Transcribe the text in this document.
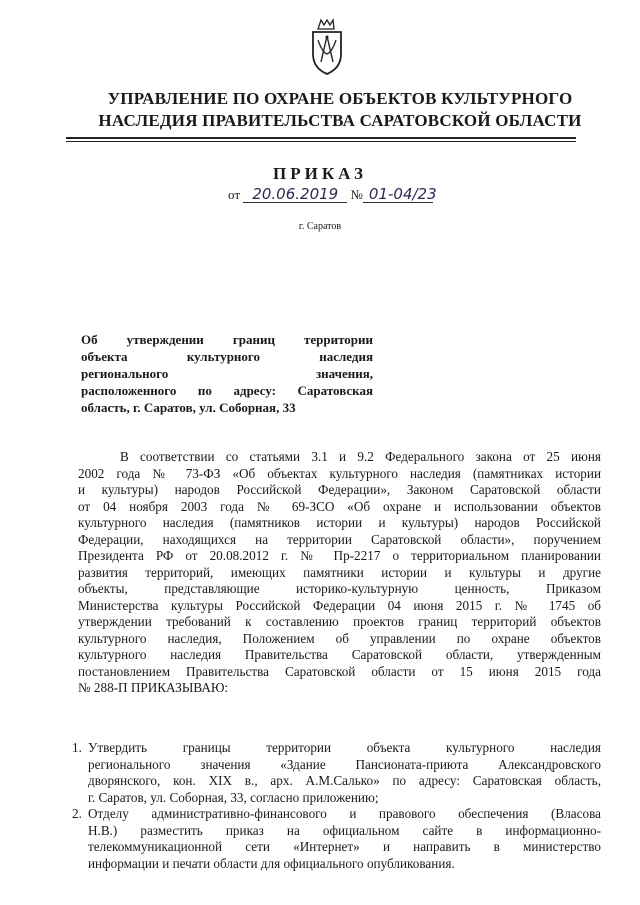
УПРАВЛЕНИЕ ПО ОХРАНЕ ОБЪЕКТОВ КУЛЬТУРНОГО
НАСЛЕДИЯ ПРАВИТЕЛЬСТВА САРАТОВСКОЙ ОБЛАСТИ
ПРИКАЗ
от 20.06.2019 № 01-04/23
г. Саратов
Об утверждении границ территории
объекта культурного наследия
регионального значения,
расположенного по адресу: Саратовская
область, г. Саратов, ул. Соборная, 33
В соответствии со статьями 3.1 и 9.2 Федерального закона от 25 июня
2002 года № 73-ФЗ «Об объектах культурного наследия (памятниках истории
и культуры) народов Российской Федерации», Законом Саратовской области
от 04 ноября 2003 года № 69-ЗСО «Об охране и использовании объектов
культурного наследия (памятников истории и культуры) народов Российской
Федерации, находящихся на территории Саратовской области», поручением
Президента РФ от 20.08.2012 г. № Пр-2217 о территориальном планировании
развития территорий, имеющих памятники истории и культуры и другие
объекты, представляющие историко-культурную ценность, Приказом
Министерства культуры Российской Федерации 04 июня 2015 г. № 1745 об
утверждении требований к составлению проектов границ территорий объектов
культурного наследия, Положением об управлении по охране объектов
культурного наследия Правительства Саратовской области, утвержденным
постановлением Правительства Саратовской области от 15 июня 2015 года
№ 288-П ПРИКАЗЫВАЮ:
1. Утвердить границы территории объекта культурного наследия
регионального значения «Здание Пансионата-приюта Александровского
дворянского, кон. XIX в., арх. А.М.Салько» по адресу: Саратовская область,
г. Саратов, ул. Соборная, 33, согласно приложению;
2. Отделу административно-финансового и правового обеспечения (Власова
Н.В.) разместить приказ на официальном сайте в информационно-
телекоммуникационной сети «Интернет» и направить в министерство
информации и печати области для официального опубликования.
